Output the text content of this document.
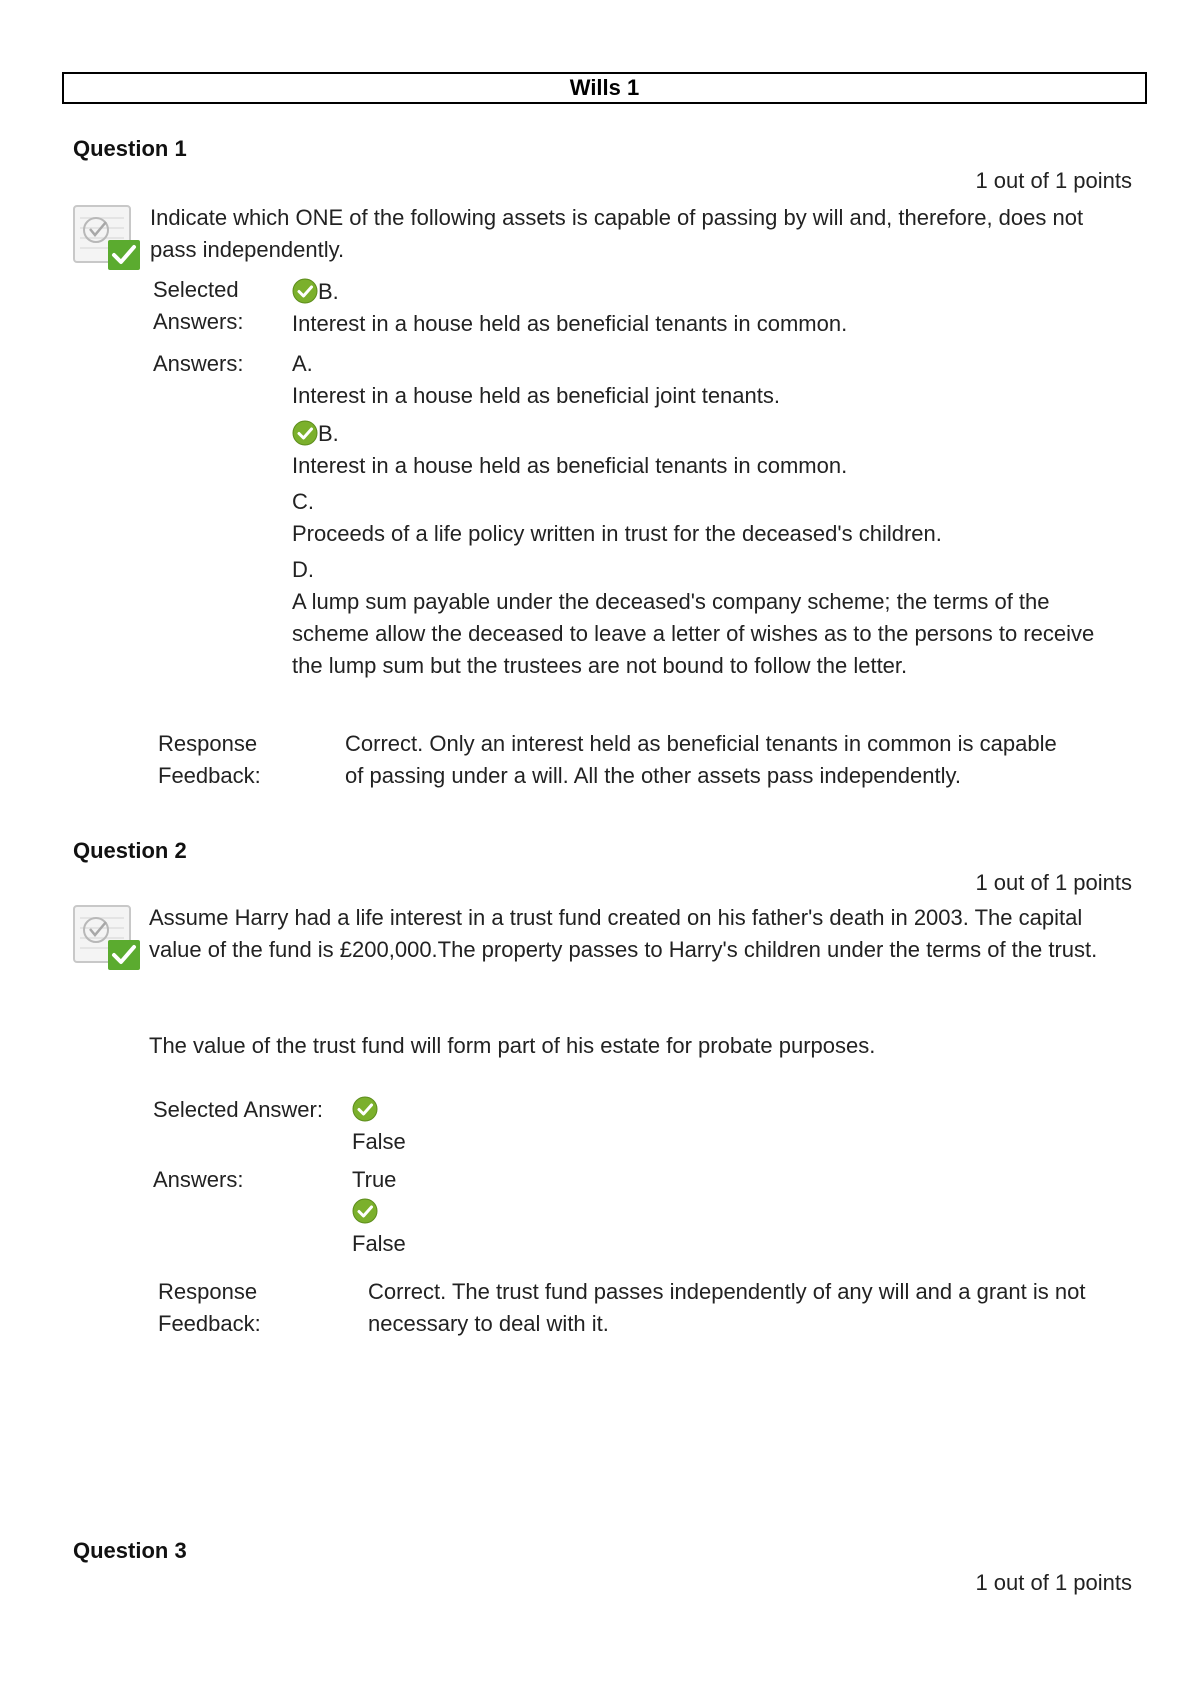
Wills 1
Question 1
1 out of 1 points
Indicate which ONE of the following assets is capable of passing by will and, therefore, does not pass independently.
Selected
Answers:
B.
Interest in a house held as beneficial tenants in common.
Answers: A.
Interest in a house held as beneficial joint tenants.
B.
Interest in a house held as beneficial tenants in common.
C.
Proceeds of a life policy written in trust for the deceased's children.
D.
A lump sum payable under the deceased's company scheme; the terms of the scheme allow the deceased to leave a letter of wishes as to the persons to receive the lump sum but the trustees are not bound to follow the letter.
Response
Feedback:
Correct. Only an interest held as beneficial tenants in common is capable of passing under a will. All the other assets pass independently.
Question 2
1 out of 1 points
Assume Harry had a life interest in a trust fund created on his father's death in 2003. The capital value of the fund is £200,000.The property passes to Harry's children under the terms of the trust.
The value of the trust fund will form part of his estate for probate purposes.
Selected Answer:
False
Answers:	True
False
Response
Feedback:
Correct. The trust fund passes independently of any will and a grant is not necessary to deal with it.
Question 3
1 out of 1 points
